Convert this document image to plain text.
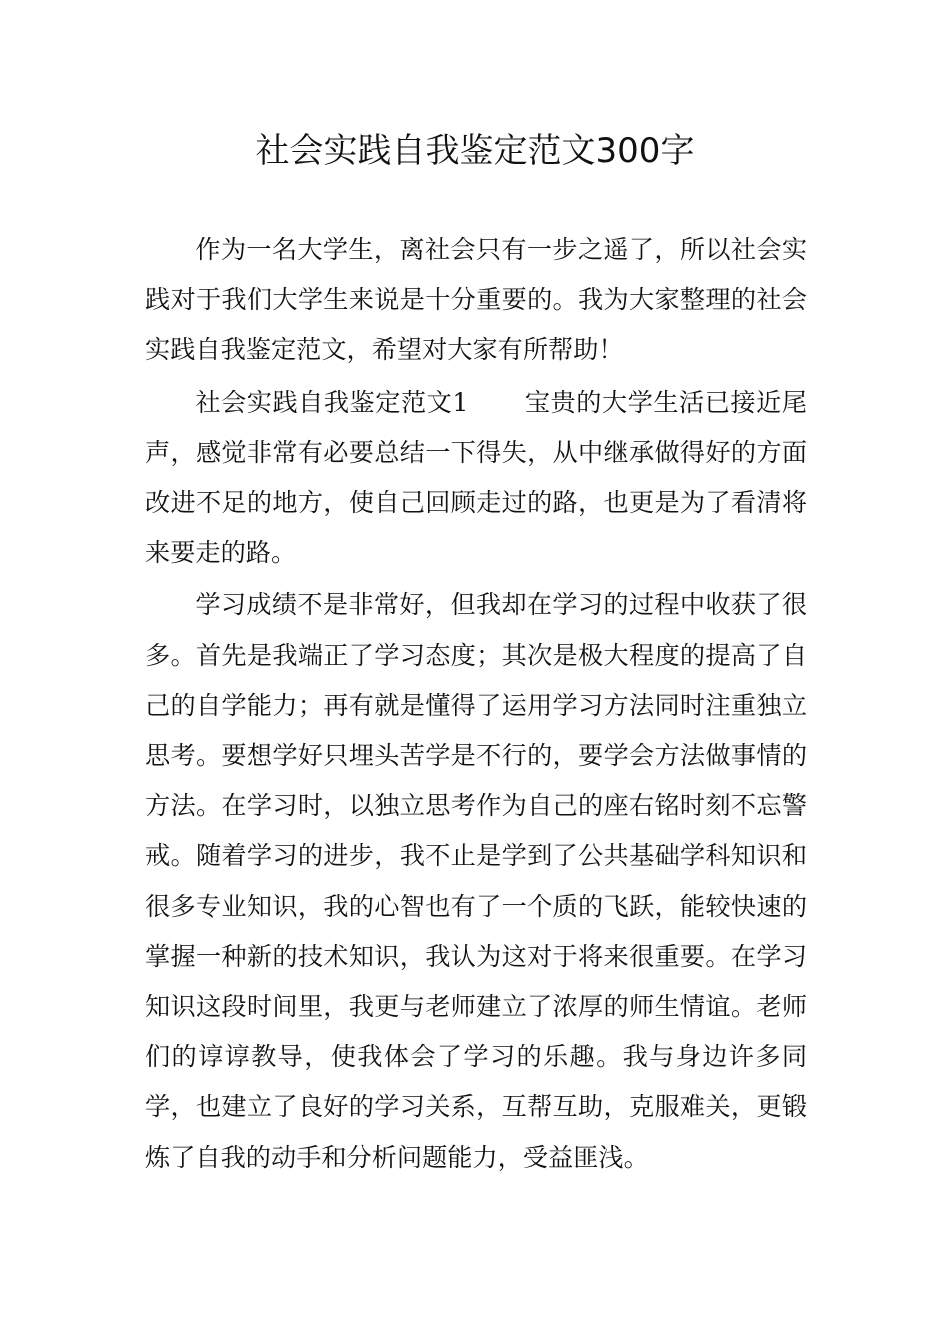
社会实践自我鉴定范文300字

作为一名大学生，离社会只有一步之遥了，所以社会实践对于我们大学生来说是十分重要的。我为大家整理的社会实践自我鉴定范文，希望对大家有所帮助！

社会实践自我鉴定范文1 宝贵的大学生活已接近尾声，感觉非常有必要总结一下得失，从中继承做得好的方面改进不足的地方，使自己回顾走过的路，也更是为了看清将来要走的路。

学习成绩不是非常好，但我却在学习的过程中收获了很多。首先是我端正了学习态度；其次是极大程度的提高了自己的自学能力；再有就是懂得了运用学习方法同时注重独立思考。要想学好只埋头苦学是不行的，要学会方法做事情的方法。在学习时，以独立思考作为自己的座右铭时刻不忘警戒。随着学习的进步，我不止是学到了公共基础学科知识和很多专业知识，我的心智也有了一个质的飞跃，能较快速的掌握一种新的技术知识，我认为这对于将来很重要。在学习知识这段时间里，我更与老师建立了浓厚的师生情谊。老师们的谆谆教导，使我体会了学习的乐趣。我与身边许多同学，也建立了良好的学习关系，互帮互助，克服难关，更锻炼了自我的动手和分析问题能力，受益匪浅。
